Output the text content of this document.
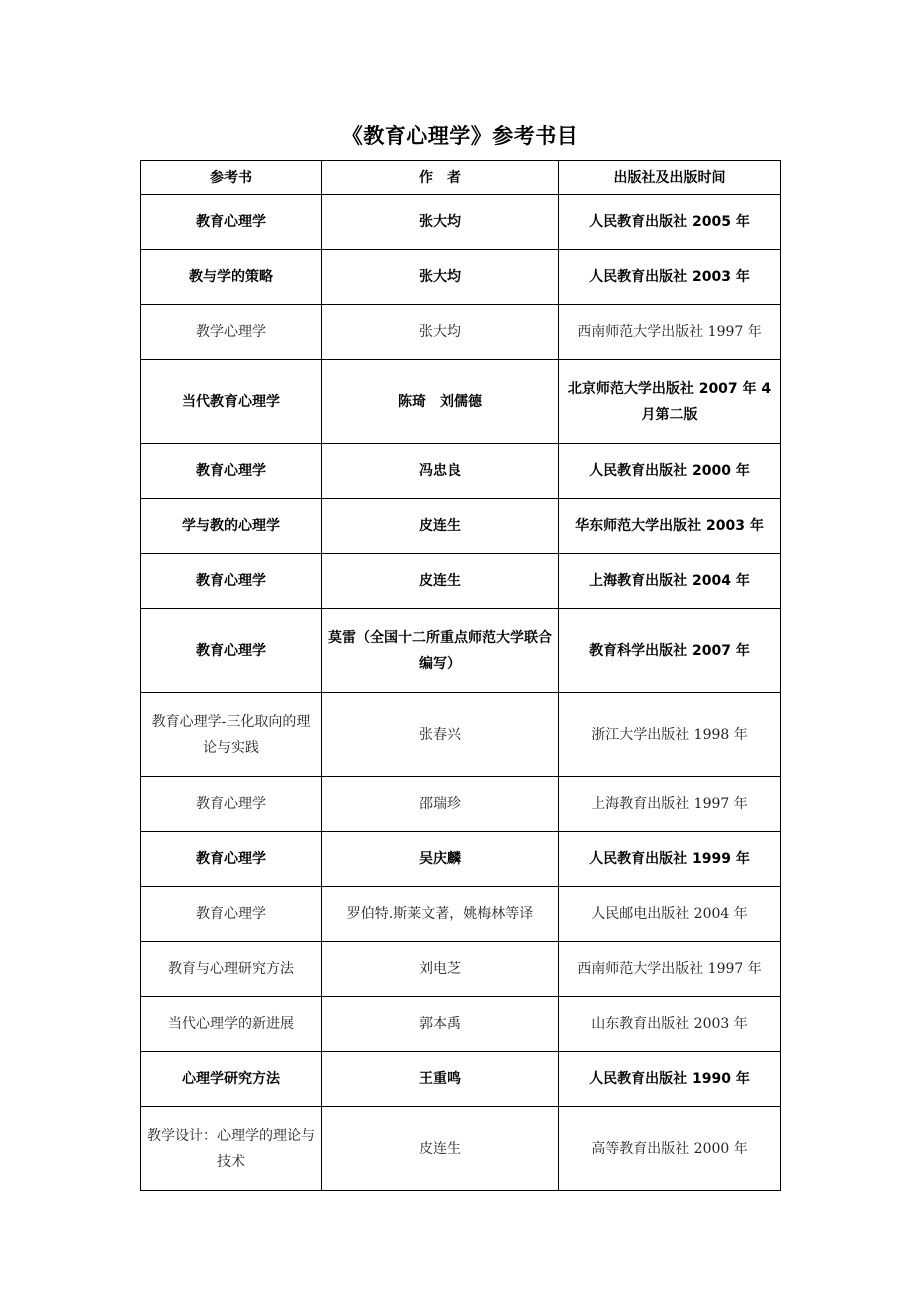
《教育心理学》参考书目
参考书	作　者	出版社及出版时间
教育心理学	张大均	人民教育出版社 2005 年
教与学的策略	张大均	人民教育出版社 2003 年
教学心理学	张大均	西南师范大学出版社 1997 年
当代教育心理学	陈琦　刘儒德	北京师范大学出版社 2007 年 4 月第二版
教育心理学	冯忠良	人民教育出版社 2000 年
学与教的心理学	皮连生	华东师范大学出版社 2003 年
教育心理学	皮连生	上海教育出版社 2004 年
教育心理学	莫雷（全国十二所重点师范大学联合编写）	教育科学出版社 2007 年
教育心理学-三化取向的理论与实践	张春兴	浙江大学出版社 1998 年
教育心理学	邵瑞珍	上海教育出版社 1997 年
教育心理学	吴庆麟	人民教育出版社 1999 年
教育心理学	罗伯特.斯莱文著，姚梅林等译	人民邮电出版社 2004 年
教育与心理研究方法	刘电芝	西南师范大学出版社 1997 年
当代心理学的新进展	郭本禹	山东教育出版社 2003 年
心理学研究方法	王重鸣	人民教育出版社 1990 年
教学设计：心理学的理论与技术	皮连生	高等教育出版社 2000 年
